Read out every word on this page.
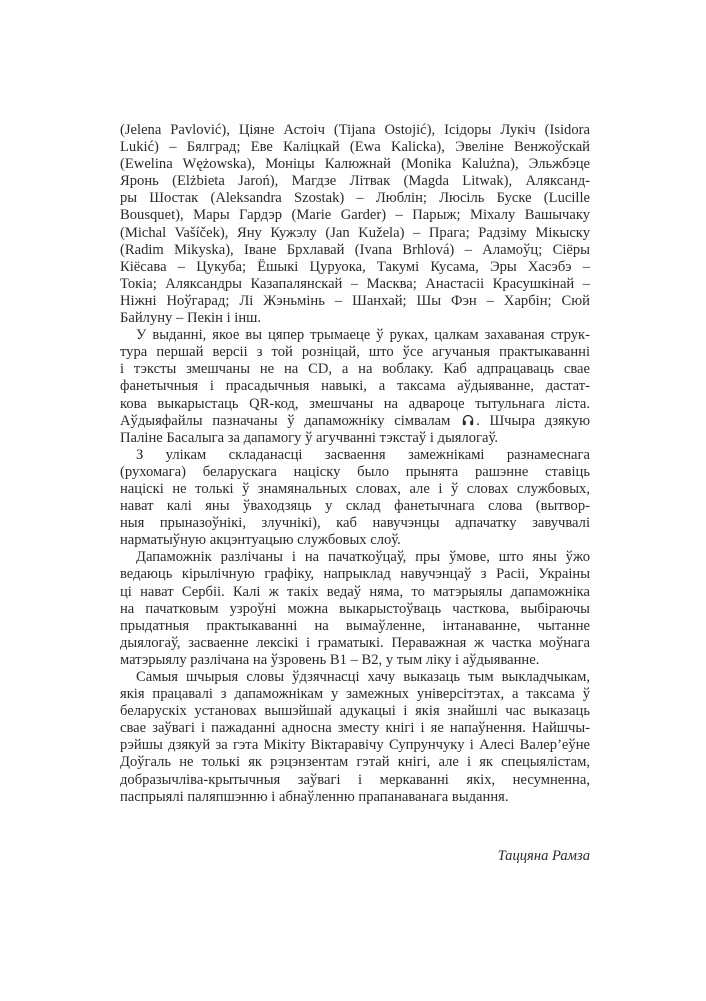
(Jelena Pavlović), Ціяне Астоіч (Tijana Ostojić), Ісідоры Лукіч (Isidora
Lukić) – Бялград; Еве Каліцкай (Ewa Kalicka), Эвеліне Венжоўскай
(Ewelina Wężowska), Моніцы Калюжнай (Monika Kalużna), Эльжбэце
Яронь (Elżbieta Jaroń), Магдзе Літвак (Magda Litwak), Аляксанд-
ры Шостак (Aleksandra Szostak) – Люблін; Люсіль Буске (Lucille
Bousquet), Мары Гардэр (Marie Garder) – Парыж; Міхалу Вашычаку
(Michal Vašíček), Яну Кужэлу (Jan Kužela) – Прага; Радзіму Мікыску
(Radim Mikyska), Іване Брхлавай (Ivana Brhlová) – Аламоўц; Сіёры
Кіёсава – Цукуба; Ёшыкі Цуруока, Такумі Кусама, Эры Хасэбэ –
Токіа; Аляксандры Казапалянскай – Масква; Анастасіі Красушкінай –
Ніжні Ноўгарад; Лі Жэньмінь – Шанхай; Шы Фэн – Харбін; Сюй
Байлуну – Пекін і інш.
У выданні, якое вы цяпер трымаеце ў руках, цалкам захаваная струк-
тура першай версіі з той розніцай, што ўсе агучаныя практыкаванні
і тэксты змешчаны не на CD, а на воблаку. Каб адпрацаваць свае
фанетычныя і прасадычныя навыкі, а таксама аўдыяванне, дастат-
кова выкарыстаць QR-код, змешчаны на адвароце тытульнага ліста.
Аўдыяфайлы пазначаны ў дапаможніку сімвалам . Шчыра дзякую
Паліне Басалыга за дапамогу ў агучванні тэкстаў і дыялогаў.
З улікам складанасці засваення замежнікамі разнамеснага
(рухомага) беларускага націску было прынята рашэнне ставіць
націскі не толькі ў знамянальных словах, але і ў словах службовых,
нават калі яны ўваходзяць у склад фанетычнага слова (вытвор-
ныя прыназоўнікі, злучнікі), каб навучэнцы адпачатку завучвалі
нарматыўную акцэнтуацыю службовых слоў.
Дапаможнік разлічаны і на пачаткоўцаў, пры ўмове, што яны ўжо
ведаюць кірылічную графіку, напрыклад навучэнцаў з Расіі, Украіны
ці нават Сербіі. Калі ж такіх ведаў няма, то матэрыялы дапаможніка
на пачатковым узроўні можна выкарыстоўваць часткова, выбіраючы
прыдатныя практыкаванні на вымаўленне, інтанаванне, чытанне
дыялогаў, засваенне лексікі і граматыкі. Пераважная ж частка моўнага
матэрыялу разлічана на ўзровень B1 – B2, у тым ліку і аўдыяванне.
Самыя шчырыя словы ўдзячнасці хачу выказаць тым выкладчыкам,
якія працавалі з дапаможнікам у замежных універсітэтах, а таксама ў
беларускіх установах вышэйшай адукацыі і якія знайшлі час выказаць
свае заўвагі і пажаданні адносна зместу кнігі і яе напаўнення. Найшчы-
рэйшы дзякуй за гэта Мікіту Віктаравічу Супрунчуку і Алесі Валер’еўне
Доўгаль не толькі як рэцэнзентам гэтай кнігі, але і як спецыялістам,
добразычліва-крытычныя заўвагі і меркаванні якіх, несумненна,
паспрыялі паляпшэнню і абнаўленню прапанаванага выдання.
Таццяна Рамза
